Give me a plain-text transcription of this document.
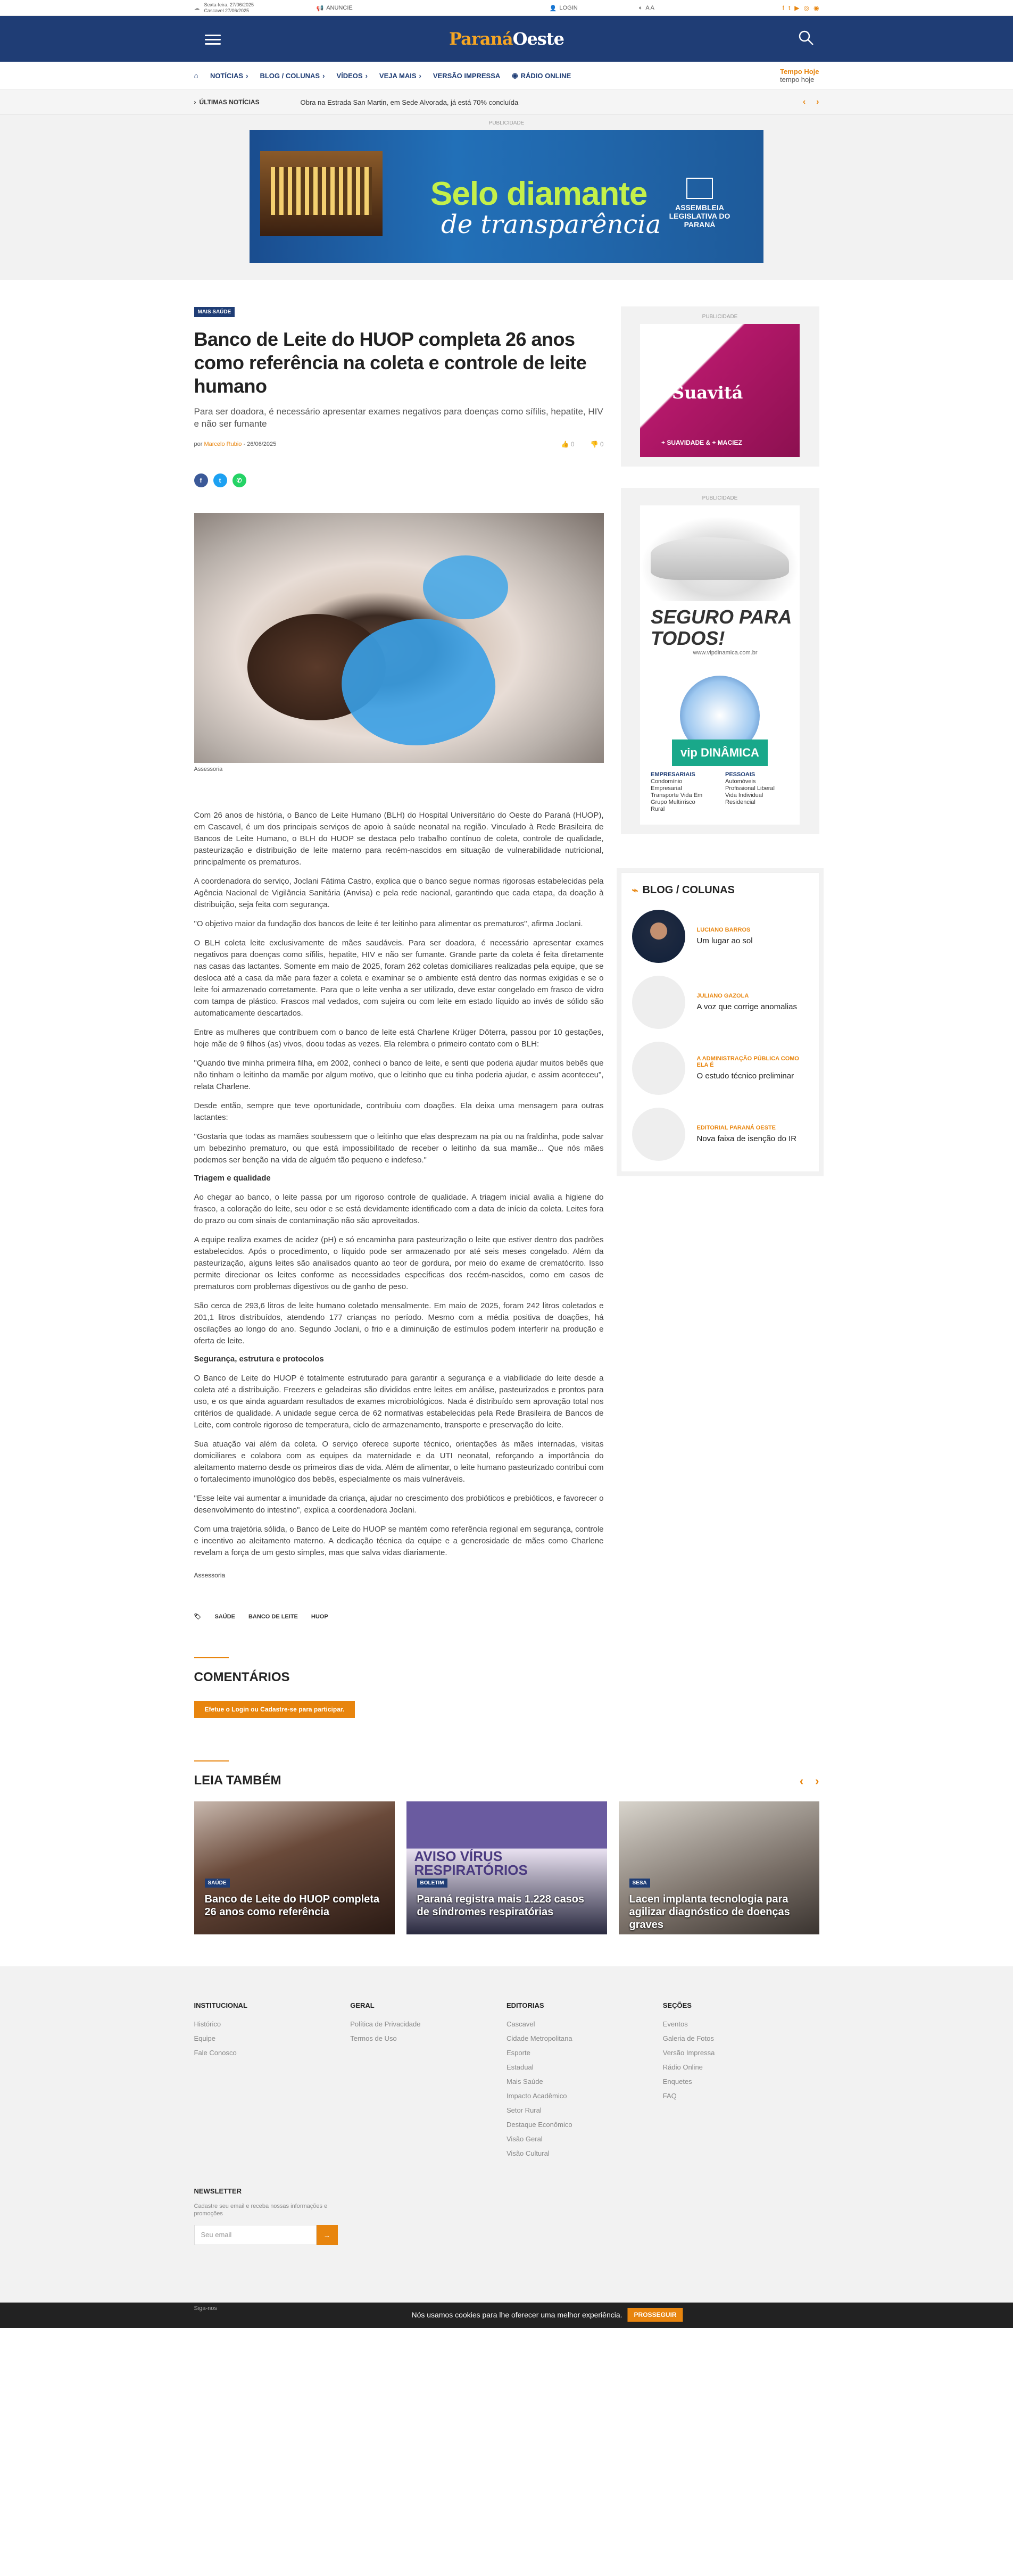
☁
Sexta-feira, 27/06/2025
Cascavel 27/06/2025	📢 ANUNCIE	👤 LOGIN	◐ A A	f t ▶ ◎ ◉
ParanáOeste
⌂ NOTÍCIAS › BLOG / COLUNAS › VÍDEOS › VEJA MAIS › VERSÃO IMPRESSA ◉ RÁDIO ONLINE	Tempo Hoje
tempo hoje
› ÚLTIMAS NOTÍCIAS	Obra na Estrada San Martin, em Sede Alvorada, já está 70% concluída	‹ ›
PUBLICIDADE
Selo diamante
de transparência
ASSEMBLEIA LEGISLATIVA DO PARANÁ
MAIS SAÚDE
Banco de Leite do HUOP completa 26 anos como referência na coleta e controle de leite humano

Para ser doadora, é necessário apresentar exames negativos para doenças como sífilis, hepatite, HIV e não ser fumante

por
Marcelo Rubio - 26/06/2025	👍 0	👎 0
f	t	✆
Assessoria

Com 26 anos de história, o Banco de Leite Humano (BLH) do Hospital Universitário do Oeste do Paraná (HUOP), em Cascavel, é um dos principais serviços de apoio à saúde neonatal na região. Vinculado à Rede Brasileira de Bancos de Leite Humano, o BLH do HUOP se destaca pelo trabalho contínuo de coleta, controle de qualidade, pasteurização e distribuição de leite materno para recém-nascidos em situação de vulnerabilidade nutricional, principalmente os prematuros.

A coordenadora do serviço, Joclani Fátima Castro, explica que o banco segue normas rigorosas estabelecidas pela Agência Nacional de Vigilância Sanitária (Anvisa) e pela rede nacional, garantindo que cada etapa, da doação à distribuição, seja feita com segurança.

"O objetivo maior da fundação dos bancos de leite é ter leitinho para alimentar os prematuros", afirma Joclani.

O BLH coleta leite exclusivamente de mães saudáveis. Para ser doadora, é necessário apresentar exames negativos para doenças como sífilis, hepatite, HIV e não ser fumante. Grande parte da coleta é feita diretamente nas casas das lactantes. Somente em maio de 2025, foram 262 coletas domiciliares realizadas pela equipe, que se desloca até a casa da mãe para fazer a coleta e examinar se o ambiente está dentro das normas exigidas e se o leite foi armazenado corretamente. Para que o leite venha a ser utilizado, deve estar congelado em frasco de vidro com tampa de plástico. Frascos mal vedados, com sujeira ou com leite em estado líquido ao invés de sólido são automaticamente descartados.

Entre as mulheres que contribuem com o banco de leite está Charlene Krüger Döterra, passou por 10 gestações, hoje mãe de 9 filhos (as) vivos, doou todas as vezes. Ela relembra o primeiro contato com o BLH:

"Quando tive minha primeira filha, em 2002, conheci o banco de leite, e senti que poderia ajudar muitos bebês que não tinham o leitinho da mamãe por algum motivo, que o leitinho que eu tinha poderia ajudar, e assim aconteceu", relata Charlene.

Desde então, sempre que teve oportunidade, contribuiu com doações. Ela deixa uma mensagem para outras lactantes:

"Gostaria que todas as mamães soubessem que o leitinho que elas desprezam na pia ou na fraldinha, pode salvar um bebezinho prematuro, ou que está impossibilitado de receber o leitinho da sua mamãe... Que nós mães podemos ser benção na vida de alguém tão pequeno e indefeso."

Triagem e qualidade

Ao chegar ao banco, o leite passa por um rigoroso controle de qualidade. A triagem inicial avalia a higiene do frasco, a coloração do leite, seu odor e se está devidamente identificado com a data de início da coleta. Leites fora do prazo ou com sinais de contaminação não são aproveitados.

A equipe realiza exames de acidez (pH) e só encaminha para pasteurização o leite que estiver dentro dos padrões estabelecidos. Após o procedimento, o líquido pode ser armazenado por até seis meses congelado. Além da pasteurização, alguns leites são analisados quanto ao teor de gordura, por meio do exame de crematócrito. Isso permite direcionar os leites conforme as necessidades específicas dos recém-nascidos, como em casos de prematuros com problemas digestivos ou de ganho de peso.

São cerca de 293,6 litros de leite humano coletado mensalmente. Em maio de 2025, foram 242 litros coletados e 201,1 litros distribuídos, atendendo 177 crianças no período. Mesmo com a média positiva de doações, há oscilações ao longo do ano. Segundo Joclani, o frio e a diminuição de estímulos podem interferir na produção e oferta de leite.

Segurança, estrutura e protocolos

O Banco de Leite do HUOP é totalmente estruturado para garantir a segurança e a viabilidade do leite desde a coleta até a distribuição. Freezers e geladeiras são divididos entre leites em análise, pasteurizados e prontos para uso, e os que ainda aguardam resultados de exames microbiológicos. Nada é distribuído sem aprovação total nos critérios de qualidade. A unidade segue cerca de 62 normativas estabelecidas pela Rede Brasileira de Bancos de Leite, com controle rigoroso de temperatura, ciclo de armazenamento, transporte e preservação do leite.

Sua atuação vai além da coleta. O serviço oferece suporte técnico, orientações às mães internadas, visitas domiciliares e colabora com as equipes da maternidade e da UTI neonatal, reforçando a importância do aleitamento materno desde os primeiros dias de vida. Além de alimentar, o leite humano pasteurizado contribui com o fortalecimento imunológico dos bebês, especialmente os mais vulneráveis.

"Esse leite vai aumentar a imunidade da criança, ajudar no crescimento dos probióticos e prebióticos, e favorecer o desenvolvimento do intestino", explica a coordenadora Joclani.

Com uma trajetória sólida, o Banco de Leite do HUOP se mantém como referência regional em segurança, controle e incentivo ao aleitamento materno. A dedicação técnica da equipe e a generosidade de mães como Charlene revelam a força de um gesto simples, mas que salva vidas diariamente.

Assessoria

🏷 SAÚDE BANCO DE LEITE HUOP
COMENTÁRIOS
Efetue o Login ou Cadastre-se para participar.
PUBLICIDADE
Suavitá
+ SUAVIDADE & + MACIEZ
PUBLICIDADE
SEGURO PARA TODOS!
www.vipdinamica.com.br
vip DINÂMICA
EMPRESARIAIS
Condomínio Empresarial Transporte Vida Em Grupo Multirrisco Rural
PESSOAIS
Automóveis Profissional Liberal Vida Individual Residencial
⌁ BLOG / COLUNAS
LUCIANO BARROS
Um lugar ao sol
JULIANO GAZOLA
A voz que corrige anomalias
A ADMINISTRAÇÃO PÚBLICA COMO ELA É
O estudo técnico preliminar
EDITORIAL PARANÁ OESTE
Nova faixa de isenção do IR
LEIA TAMBÉM	‹ ›
SAÚDE
Banco de Leite do HUOP completa 26 anos como referência
AVISO VÍRUS RESPIRATÓRIOS
BOLETIM
Paraná registra mais 1.228 casos de síndromes respiratórias
SESA
Lacen implanta tecnologia para agilizar diagnóstico de doenças graves
INSTITUCIONAL
Histórico
Equipe
Fale Conosco
GERAL
Política de Privacidade
Termos de Uso
EDITORIAS
Cascavel
Cidade Metropolitana
Esporte
Estadual
Mais Saúde
Impacto Acadêmico
Setor Rural
Destaque Econômico
Visão Geral
Visão Cultural
SEÇÕES
Eventos
Galeria de Fotos
Versão Impressa
Rádio Online
Enquetes
FAQ
NEWSLETTER
Cadastre seu email e receba nossas informações e promoções
Seu email	→
Siga-nos
Nós usamos cookies para lhe oferecer uma melhor experiência.	PROSSEGUIR
